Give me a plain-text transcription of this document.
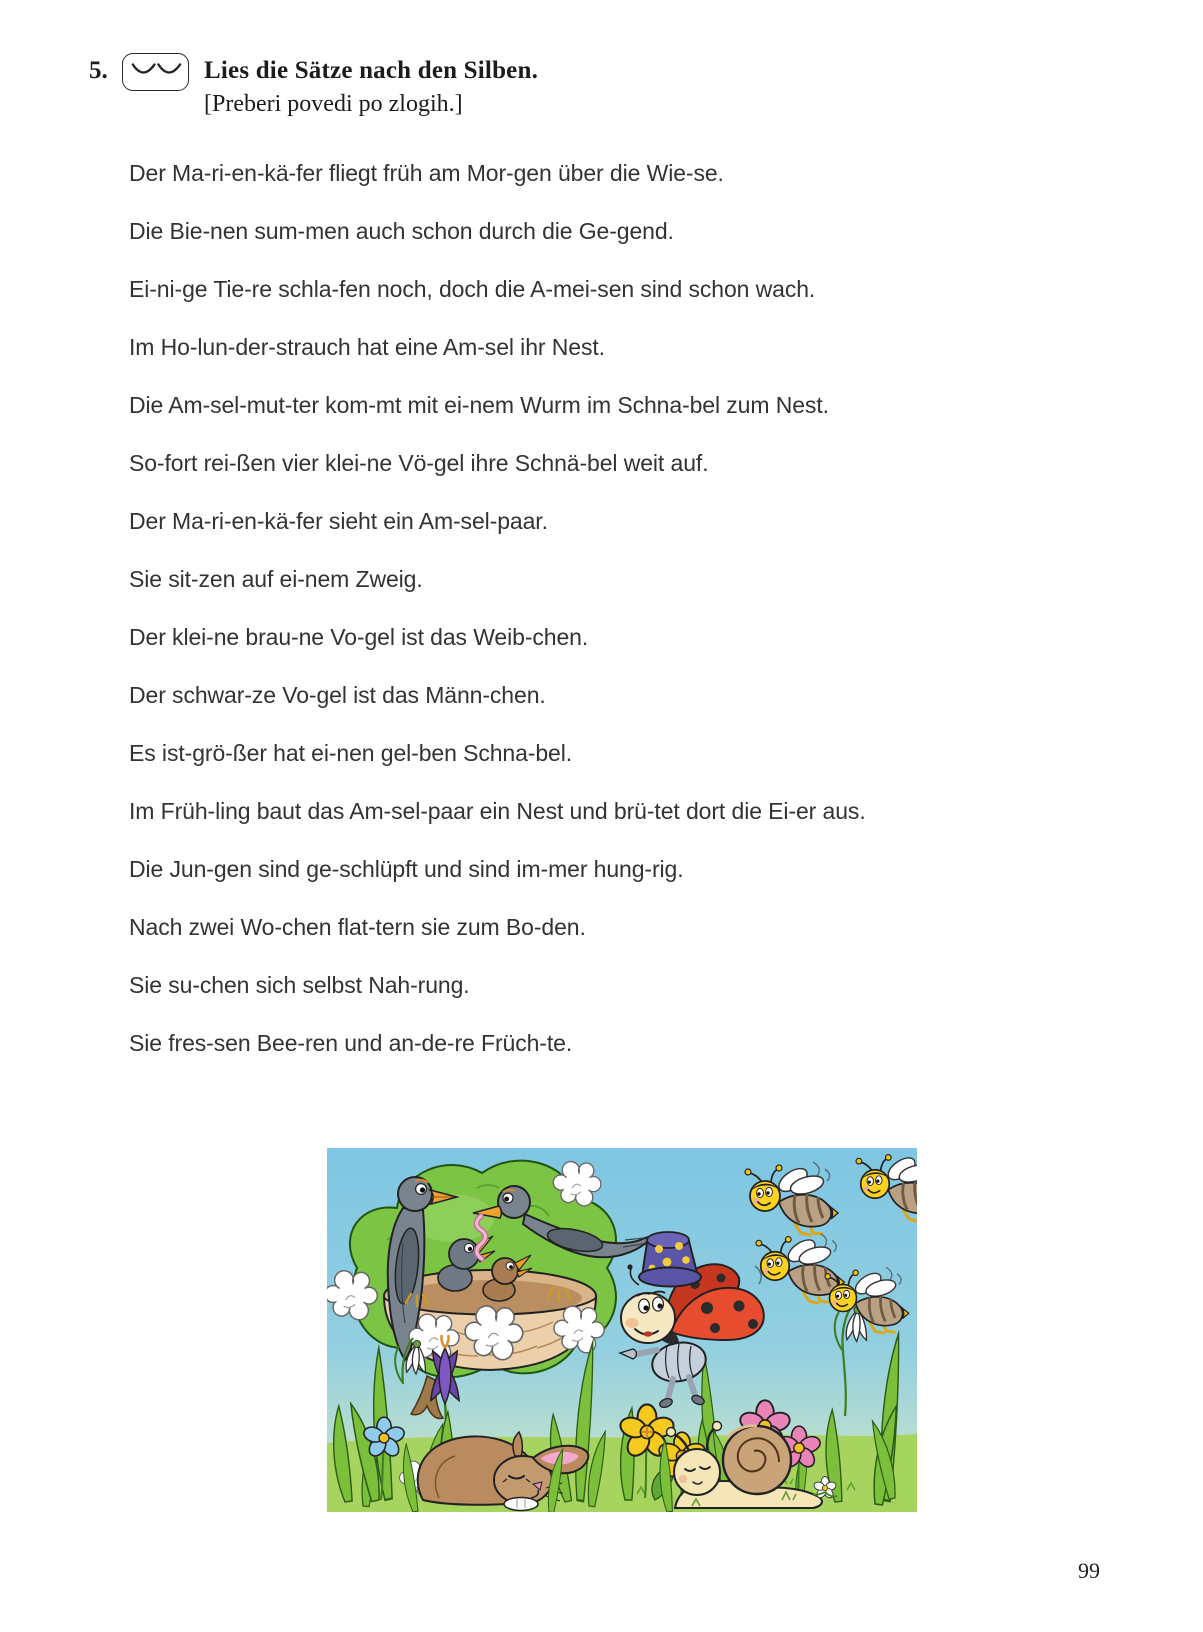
5.	Lies die Sätze nach den Silben.
[Preberi povedi po zlogih.]

Der Ma-ri-en-kä-fer fliegt früh am Mor-gen über die Wie-se.

Die Bie-nen sum-men auch schon durch die Ge-gend.

Ei-ni-ge Tie-re schla-fen noch, doch die A-mei-sen sind schon wach.

Im Ho-lun-der-strauch hat eine Am-sel ihr Nest.

Die Am-sel-mut-ter kom-mt mit ei-nem Wurm im Schna-bel zum Nest.

So-fort rei-ßen vier klei-ne Vö-gel ihre Schnä-bel weit auf.

Der Ma-ri-en-kä-fer sieht ein Am-sel-paar.

Sie sit-zen auf ei-nem Zweig.

Der klei-ne brau-ne Vo-gel ist das Weib-chen.

Der schwar-ze Vo-gel ist das Männ-chen.

Es ist-grö-ßer hat ei-nen gel-ben Schna-bel.

Im Früh-ling baut das Am-sel-paar ein Nest und brü-tet dort die Ei-er aus.

Die Jun-gen sind ge-schlüpft und sind im-mer hung-rig.

Nach zwei Wo-chen flat-tern sie zum Bo-den.

Sie su-chen sich selbst Nah-rung.

Sie fres-sen Bee-ren und an-de-re Früch-te.

99
